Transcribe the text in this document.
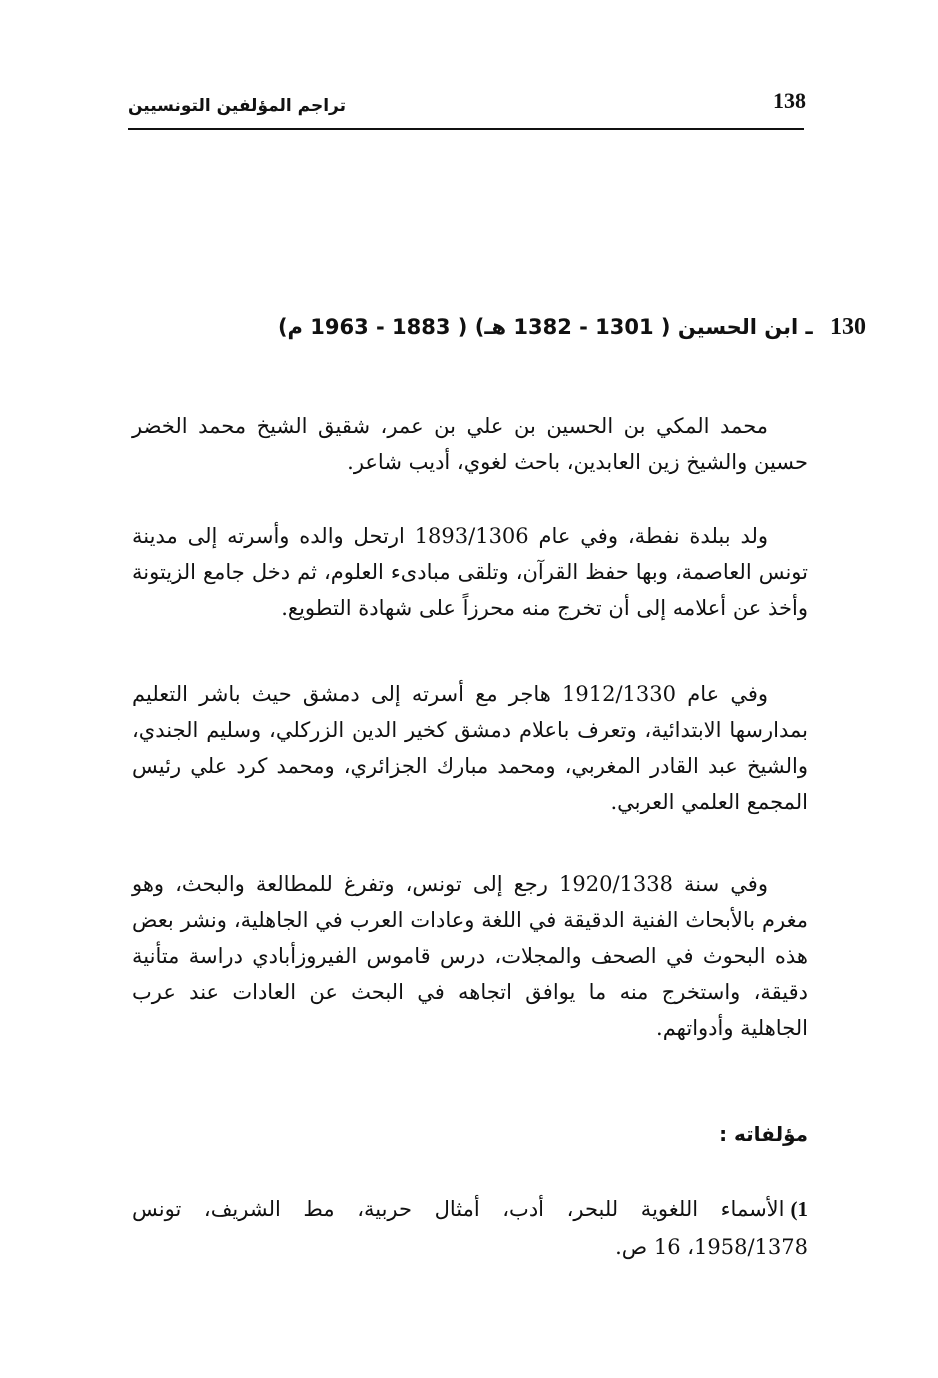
138
تراجم المؤلفين التونسيين
130 ـ ابن الحسين ( 1301 - 1382 هـ) ( 1883 - 1963 م)
محمد المكي بن الحسين بن علي بن عمر، شقيق الشيخ محمد الخضر حسين والشيخ زين العابدين، باحث لغوي، أديب شاعر.
ولد ببلدة نفطة، وفي عام 1893/1306 ارتحل والده وأسرته إلى مدينة تونس العاصمة، وبها حفظ القرآن، وتلقى مبادىء العلوم، ثم دخل جامع الزيتونة وأخذ عن أعلامه إلى أن تخرج منه محرزاً على شهادة التطويع.
وفي عام 1912/1330 هاجر مع أسرته إلى دمشق حيث باشر التعليم بمدارسها الابتدائية، وتعرف باعلام دمشق كخير الدين الزركلي، وسليم الجندي، والشيخ عبد القادر المغربي، ومحمد مبارك الجزائري، ومحمد كرد علي رئيس المجمع العلمي العربي.
وفي سنة 1920/1338 رجع إلى تونس، وتفرغ للمطالعة والبحث، وهو مغرم بالأبحاث الفنية الدقيقة في اللغة وعادات العرب في الجاهلية، ونشر بعض هذه البحوث في الصحف والمجلات، درس قاموس الفيروزأبادي دراسة متأنية دقيقة، واستخرج منه ما يوافق اتجاهه في البحث عن العادات عند عرب الجاهلية وأدواتهم.
مؤلفاته :
1)الأسماء اللغوية للبحر، أدب، أمثال حربية، مط الشريف، تونس 1958/1378، 16 ص.
